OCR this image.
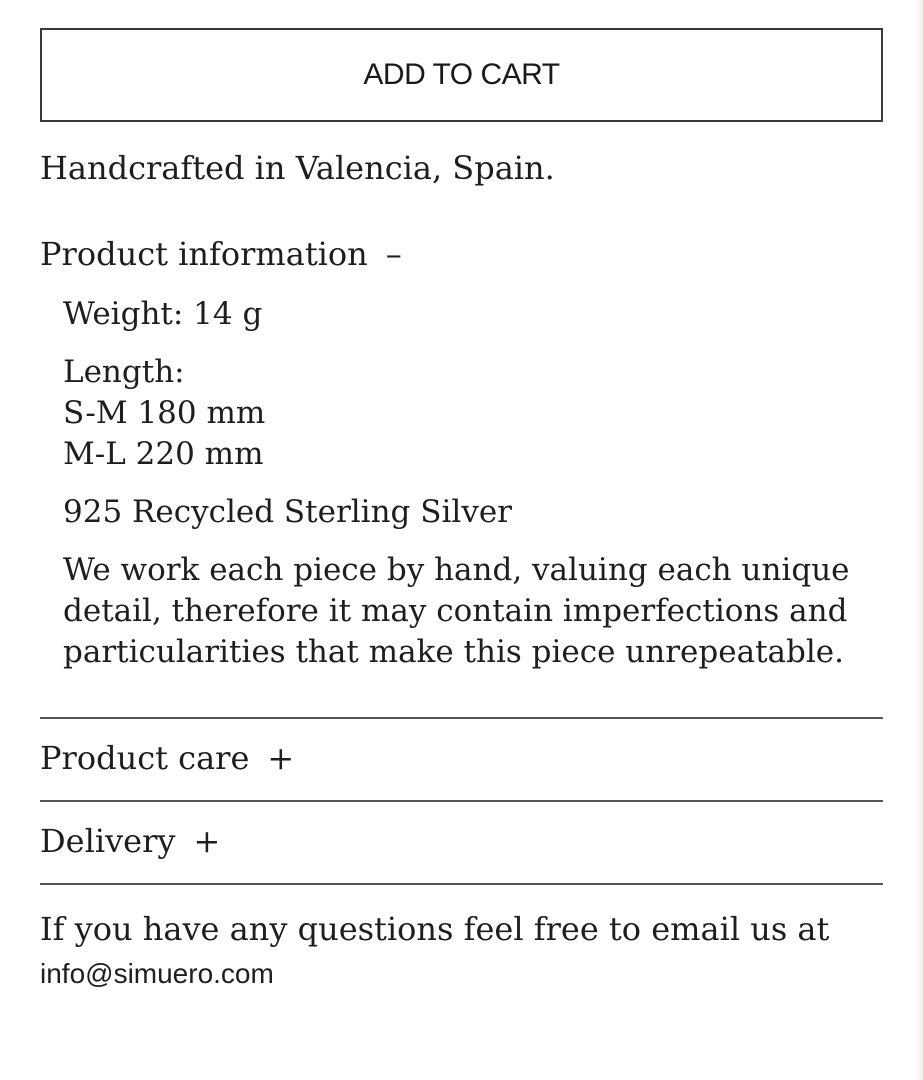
ADD TO CART
Handcrafted in Valencia, Spain.
Product information –

Weight: 14 g

Length:

S-M 180 mm

M-L 220 mm

925 Recycled Sterling Silver

We work each piece by hand, valuing each unique detail, therefore it may contain imperfections and particularities that make this piece unrepeatable.

Product care +
Delivery +
If you have any questions feel free to email us at
info@simuero.com
